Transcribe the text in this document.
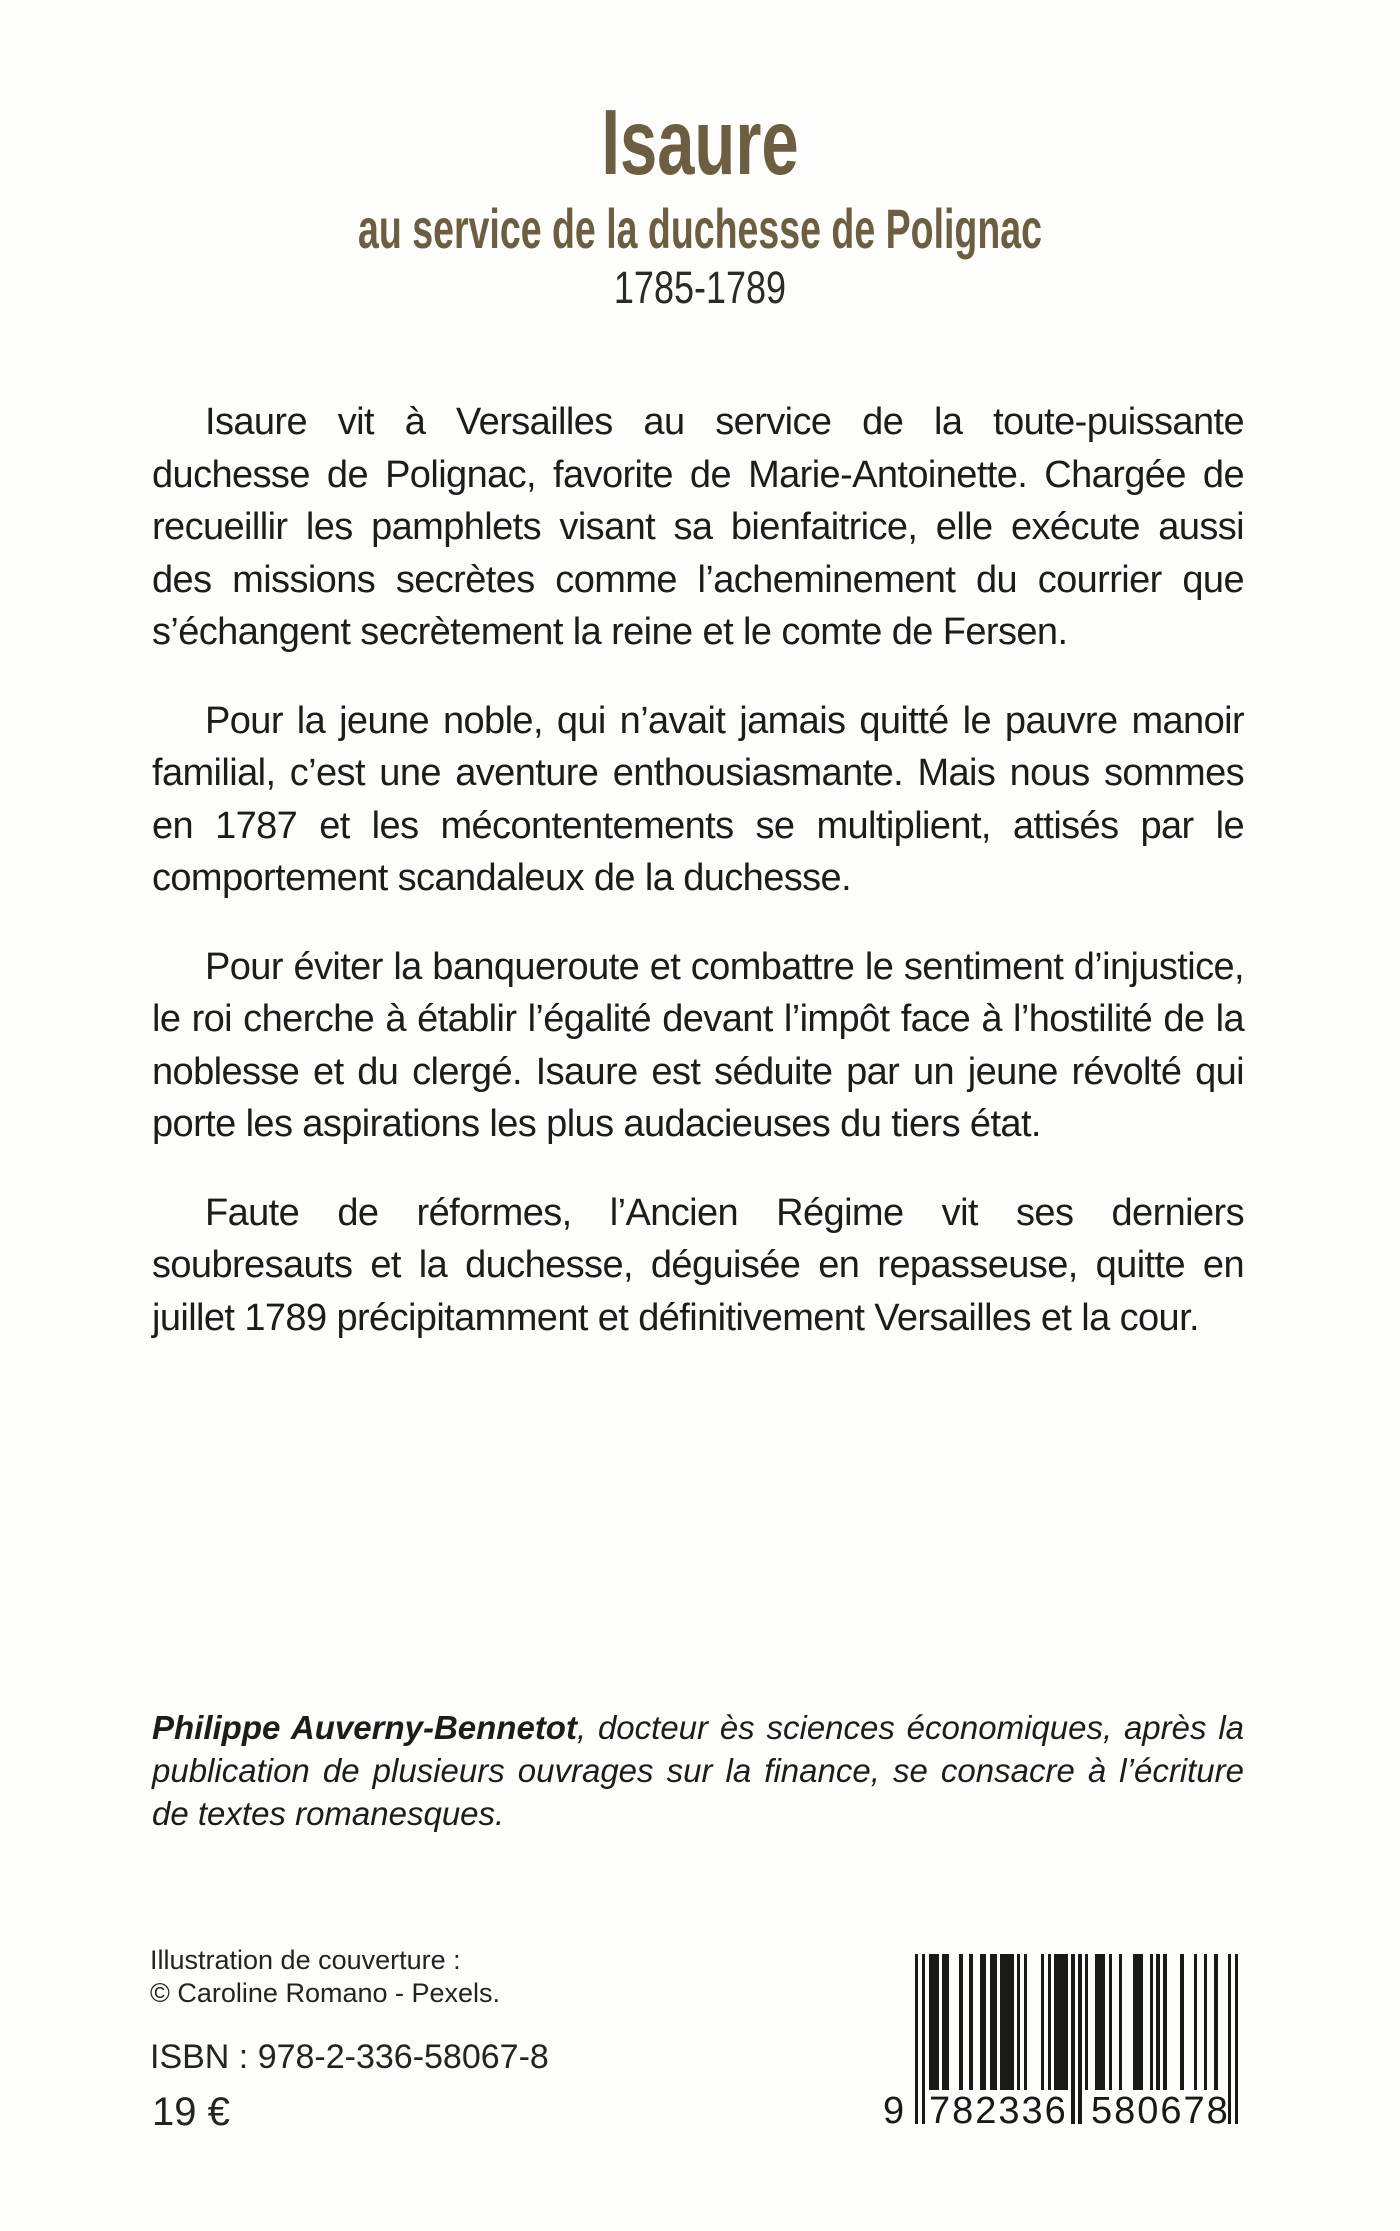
Isaure
au service de la duchesse de Polignac
1785-1789

Isaure vit à Versailles au service de la toute-puissante duchesse de Polignac, favorite de Marie-Antoinette. Chargée de recueillir les pamphlets visant sa bienfaitrice, elle exécute aussi des missions secrètes comme l’acheminement du courrier que s’échangent secrètement la reine et le comte de Fersen.

Pour la jeune noble, qui n’avait jamais quitté le pauvre manoir familial, c’est une aventure enthousiasmante. Mais nous sommes en 1787 et les mécontentements se multiplient, attisés par le comportement scandaleux de la duchesse.

Pour éviter la banqueroute et combattre le sentiment d’injustice, le roi cherche à établir l’égalité devant l’impôt face à l’hostilité de la noblesse et du clergé. Isaure est séduite par un jeune révolté qui porte les aspirations les plus audacieuses du tiers état.

Faute de réformes, l’Ancien Régime vit ses derniers soubresauts et la duchesse, déguisée en repasseuse, quitte en juillet 1789 précipitamment et définitivement Versailles et la cour.

Philippe Auverny-Bennetot, docteur ès sciences économiques, après la publication de plusieurs ouvrages sur la finance, se consacre à l’écriture de textes romanesques.

Illustration de couverture :
© Caroline Romano - Pexels.
ISBN : 978-2-336-58067-8
19 €	9 782336 580678
